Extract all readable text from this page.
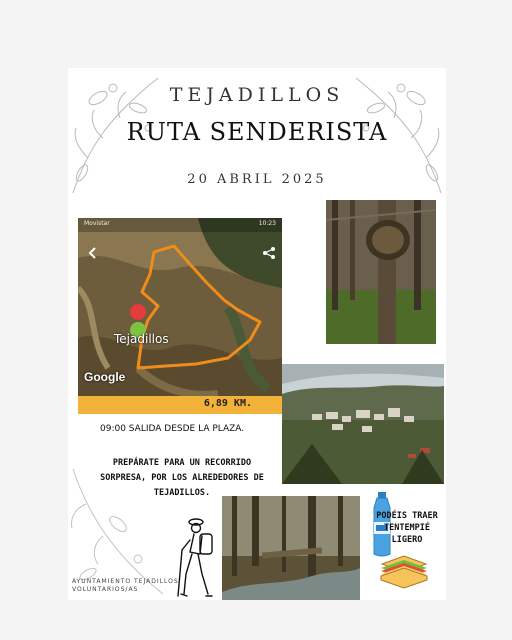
TEJADILLOS
RUTA SENDERISTA
20 ABRIL 2025
Movistar	10:23
Tejadillos
Google
6,89 KM.
09:00 SALIDA DESDE LA PLAZA.
PREPÁRATE PARA UN RECORRIDO SORPRESA, POR LOS ALREDEDORES DE TEJADILLOS.
PODÉIS TRAER TENTEMPIÉ LIGERO
AYUNTAMIENTO TEJADILLOS
VOLUNTARIOS/AS
